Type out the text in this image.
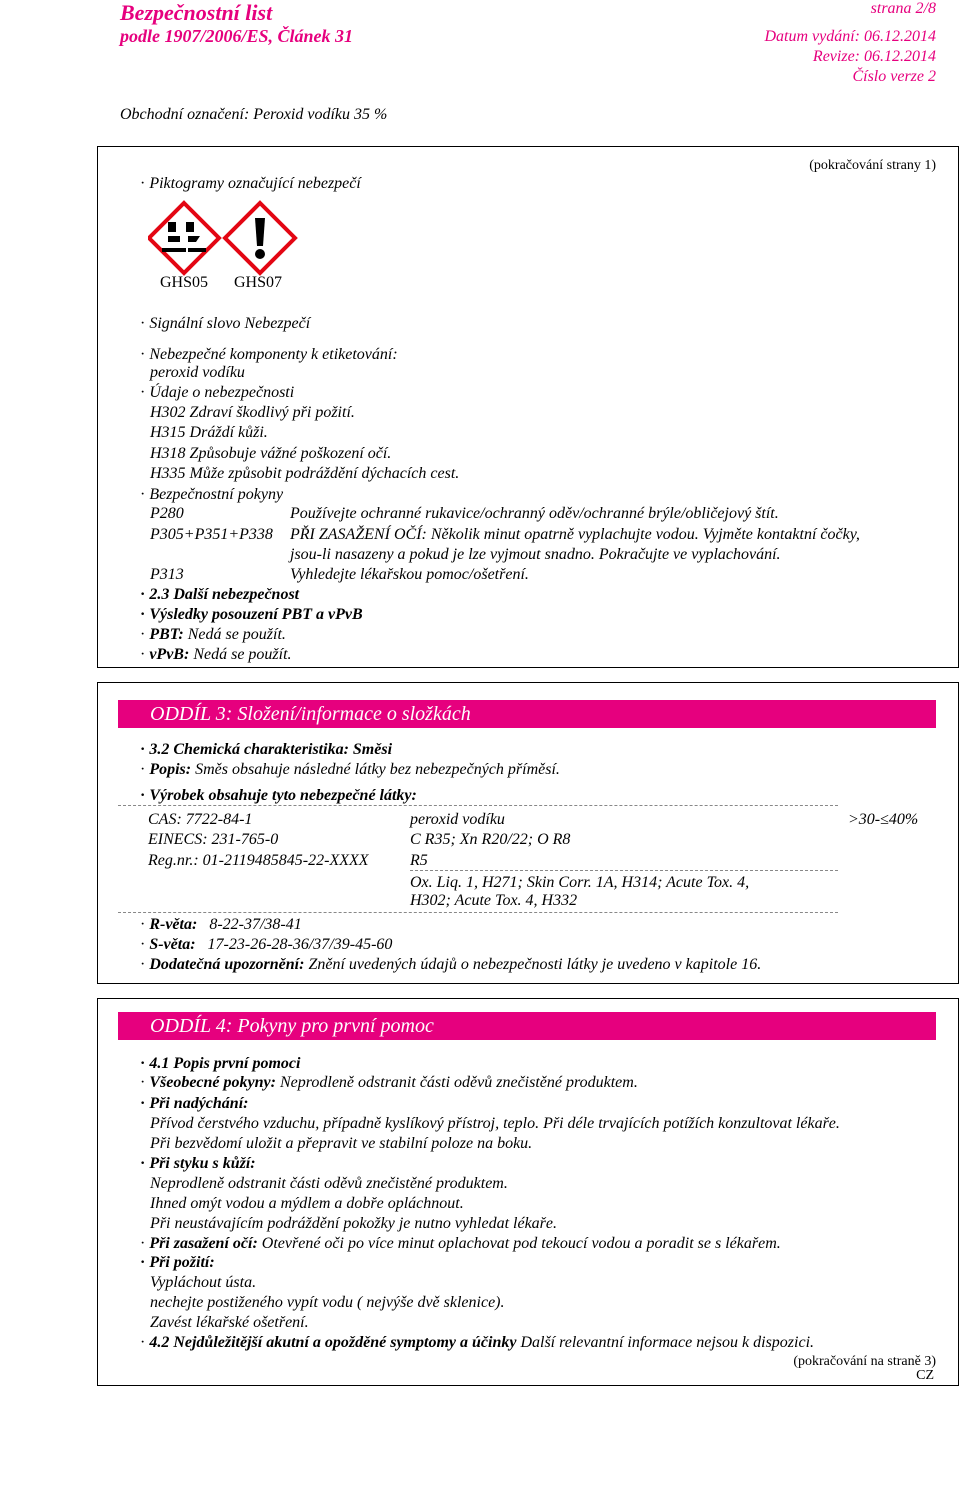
Bezpečnostní list
podle 1907/2006/ES, Článek 31
strana 2/8
Datum vydání: 06.12.2014
Revize: 06.12.2014
Číslo verze 2
Obchodní označení: Peroxid vodíku 35 %
(pokračování strany 1)
· Piktogramy označující nebezpečí
GHS05 GHS07
· Signální slovo Nebezpečí
· Nebezpečné komponenty k etiketování:
peroxid vodíku
· Údaje o nebezpečnosti
H302 Zdraví škodlivý při požití.
H315 Dráždí kůži.
H318 Způsobuje vážné poškození očí.
H335 Může způsobit podráždění dýchacích cest.
· Bezpečnostní pokyny
P280	Používejte ochranné rukavice/ochranný oděv/ochranné brýle/obličejový štít.
P305+P351+P338 PŘI ZASAŽENÍ OČÍ: Několik minut opatrně vyplachujte vodou. Vyjměte kontaktní čočky,
jsou-li nasazeny a pokud je lze vyjmout snadno. Pokračujte ve vyplachování.
P313	Vyhledejte lékařskou pomoc/ošetření.
· 2.3 Další nebezpečnost
· Výsledky posouzení PBT a vPvB
· PBT: Nedá se použít.
· vPvB: Nedá se použít.
ODDÍL 3: Složení/informace o složkách
· 3.2 Chemická charakteristika: Směsi
· Popis: Směs obsahuje následné látky bez nebezpečných příměsí.
· Výrobek obsahuje tyto nebezpečné látky:
CAS: 7722-84-1
EINECS: 231-765-0
Reg.nr.: 01-2119485845-22-XXXX
peroxid vodíku
C R35; Xn R20/22; O R8
R5
Ox. Liq. 1, H271; Skin Corr. 1A, H314; Acute Tox. 4,
H302; Acute Tox. 4, H332
>30-≤40%
· R-věta: 8-22-37/38-41
· S-věta: 17-23-26-28-36/37/39-45-60
· Dodatečná upozornění: Znění uvedených údajů o nebezpečnosti látky je uvedeno v kapitole 16.
ODDÍL 4: Pokyny pro první pomoc
· 4.1 Popis první pomoci
· Všeobecné pokyny: Neprodleně odstranit části oděvů znečistěné produktem.
· Při nadýchání:
Přívod čerstvého vzduchu, případně kyslíkový přístroj, teplo. Při déle trvajících potížích konzultovat lékaře.
Při bezvědomí uložit a přepravit ve stabilní poloze na boku.
· Při styku s kůží:
Neprodleně odstranit části oděvů znečistěné produktem.
Ihned omýt vodou a mýdlem a dobře opláchnout.
Při neustávajícím podráždění pokožky je nutno vyhledat lékaře.
· Při zasažení očí: Otevřené oči po více minut oplachovat pod tekoucí vodou a poradit se s lékařem.
· Při požití:
Vypláchout ústa.
nechejte postiženého vypít vodu ( nejvýše dvě sklenice).
Zavést lékařské ošetření.
· 4.2 Nejdůležitější akutní a opožděné symptomy a účinky Další relevantní informace nejsou k dispozici.
(pokračování na straně 3)
CZ
